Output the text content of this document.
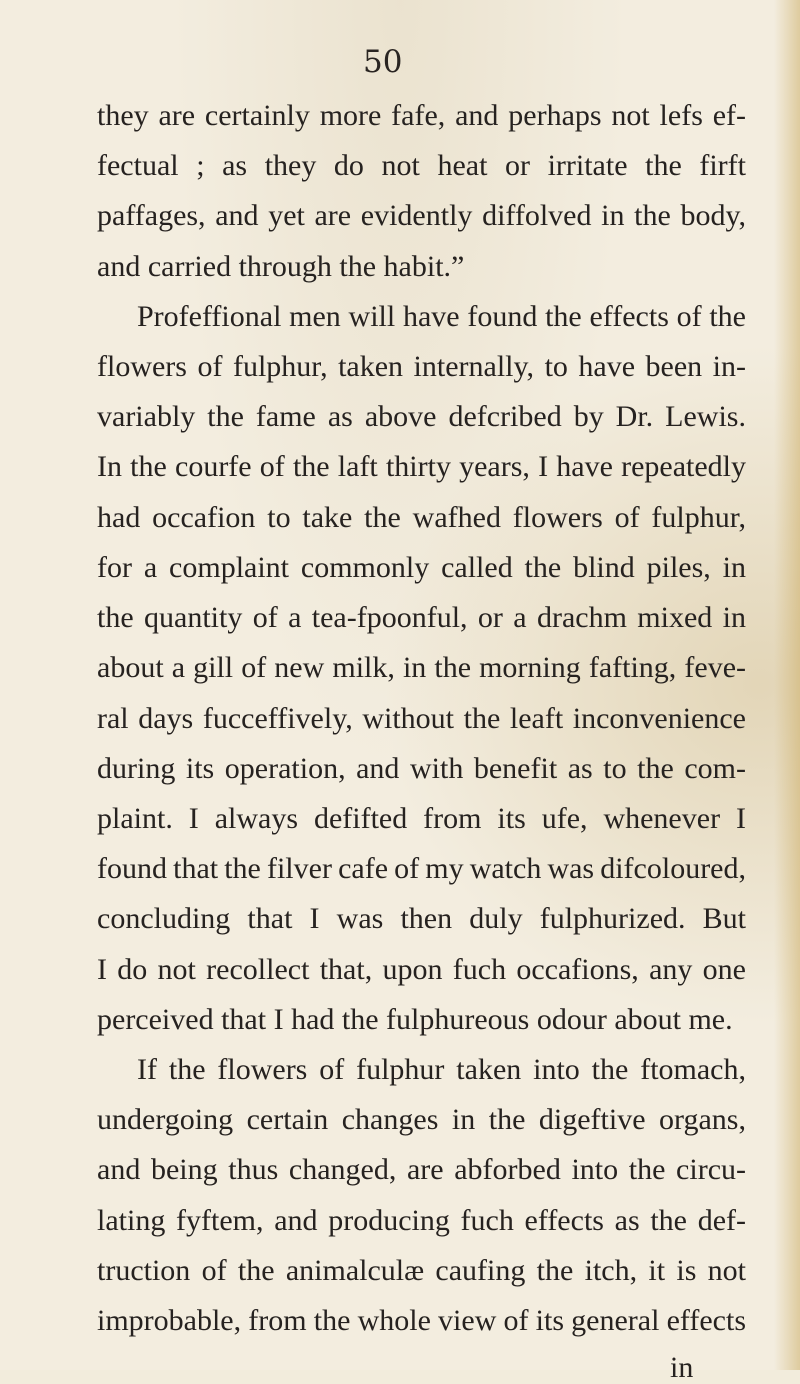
50
they are certainly more fafe, and perhaps not lefs ef-
fectual ; as they do not heat or irritate the firft
paffages, and yet are evidently diffolved in the body,
and carried through the habit.”
Profeffional men will have found the effects of the
flowers of fulphur, taken internally, to have been in-
variably the fame as above defcribed by Dr. Lewis.
In the courfe of the laft thirty years, I have repeatedly
had occafion to take the wafhed flowers of fulphur,
for a complaint commonly called the blind piles, in
the quantity of a tea-fpoonful, or a drachm mixed in
about a gill of new milk, in the morning fafting, feve-
ral days fucceffively, without the leaft inconvenience
during its operation, and with benefit as to the com-
plaint. I always defifted from its ufe, whenever I
found that the filver cafe of my watch was difcoloured,
concluding that I was then duly fulphurized. But
I do not recollect that, upon fuch occafions, any one
perceived that I had the fulphureous odour about me.
If the flowers of fulphur taken into the ftomach,
undergoing certain changes in the digeftive organs,
and being thus changed, are abforbed into the circu-
lating fyftem, and producing fuch effects as the def-
truction of the animalculæ caufing the itch, it is not
improbable, from the whole view of its general effects
in
